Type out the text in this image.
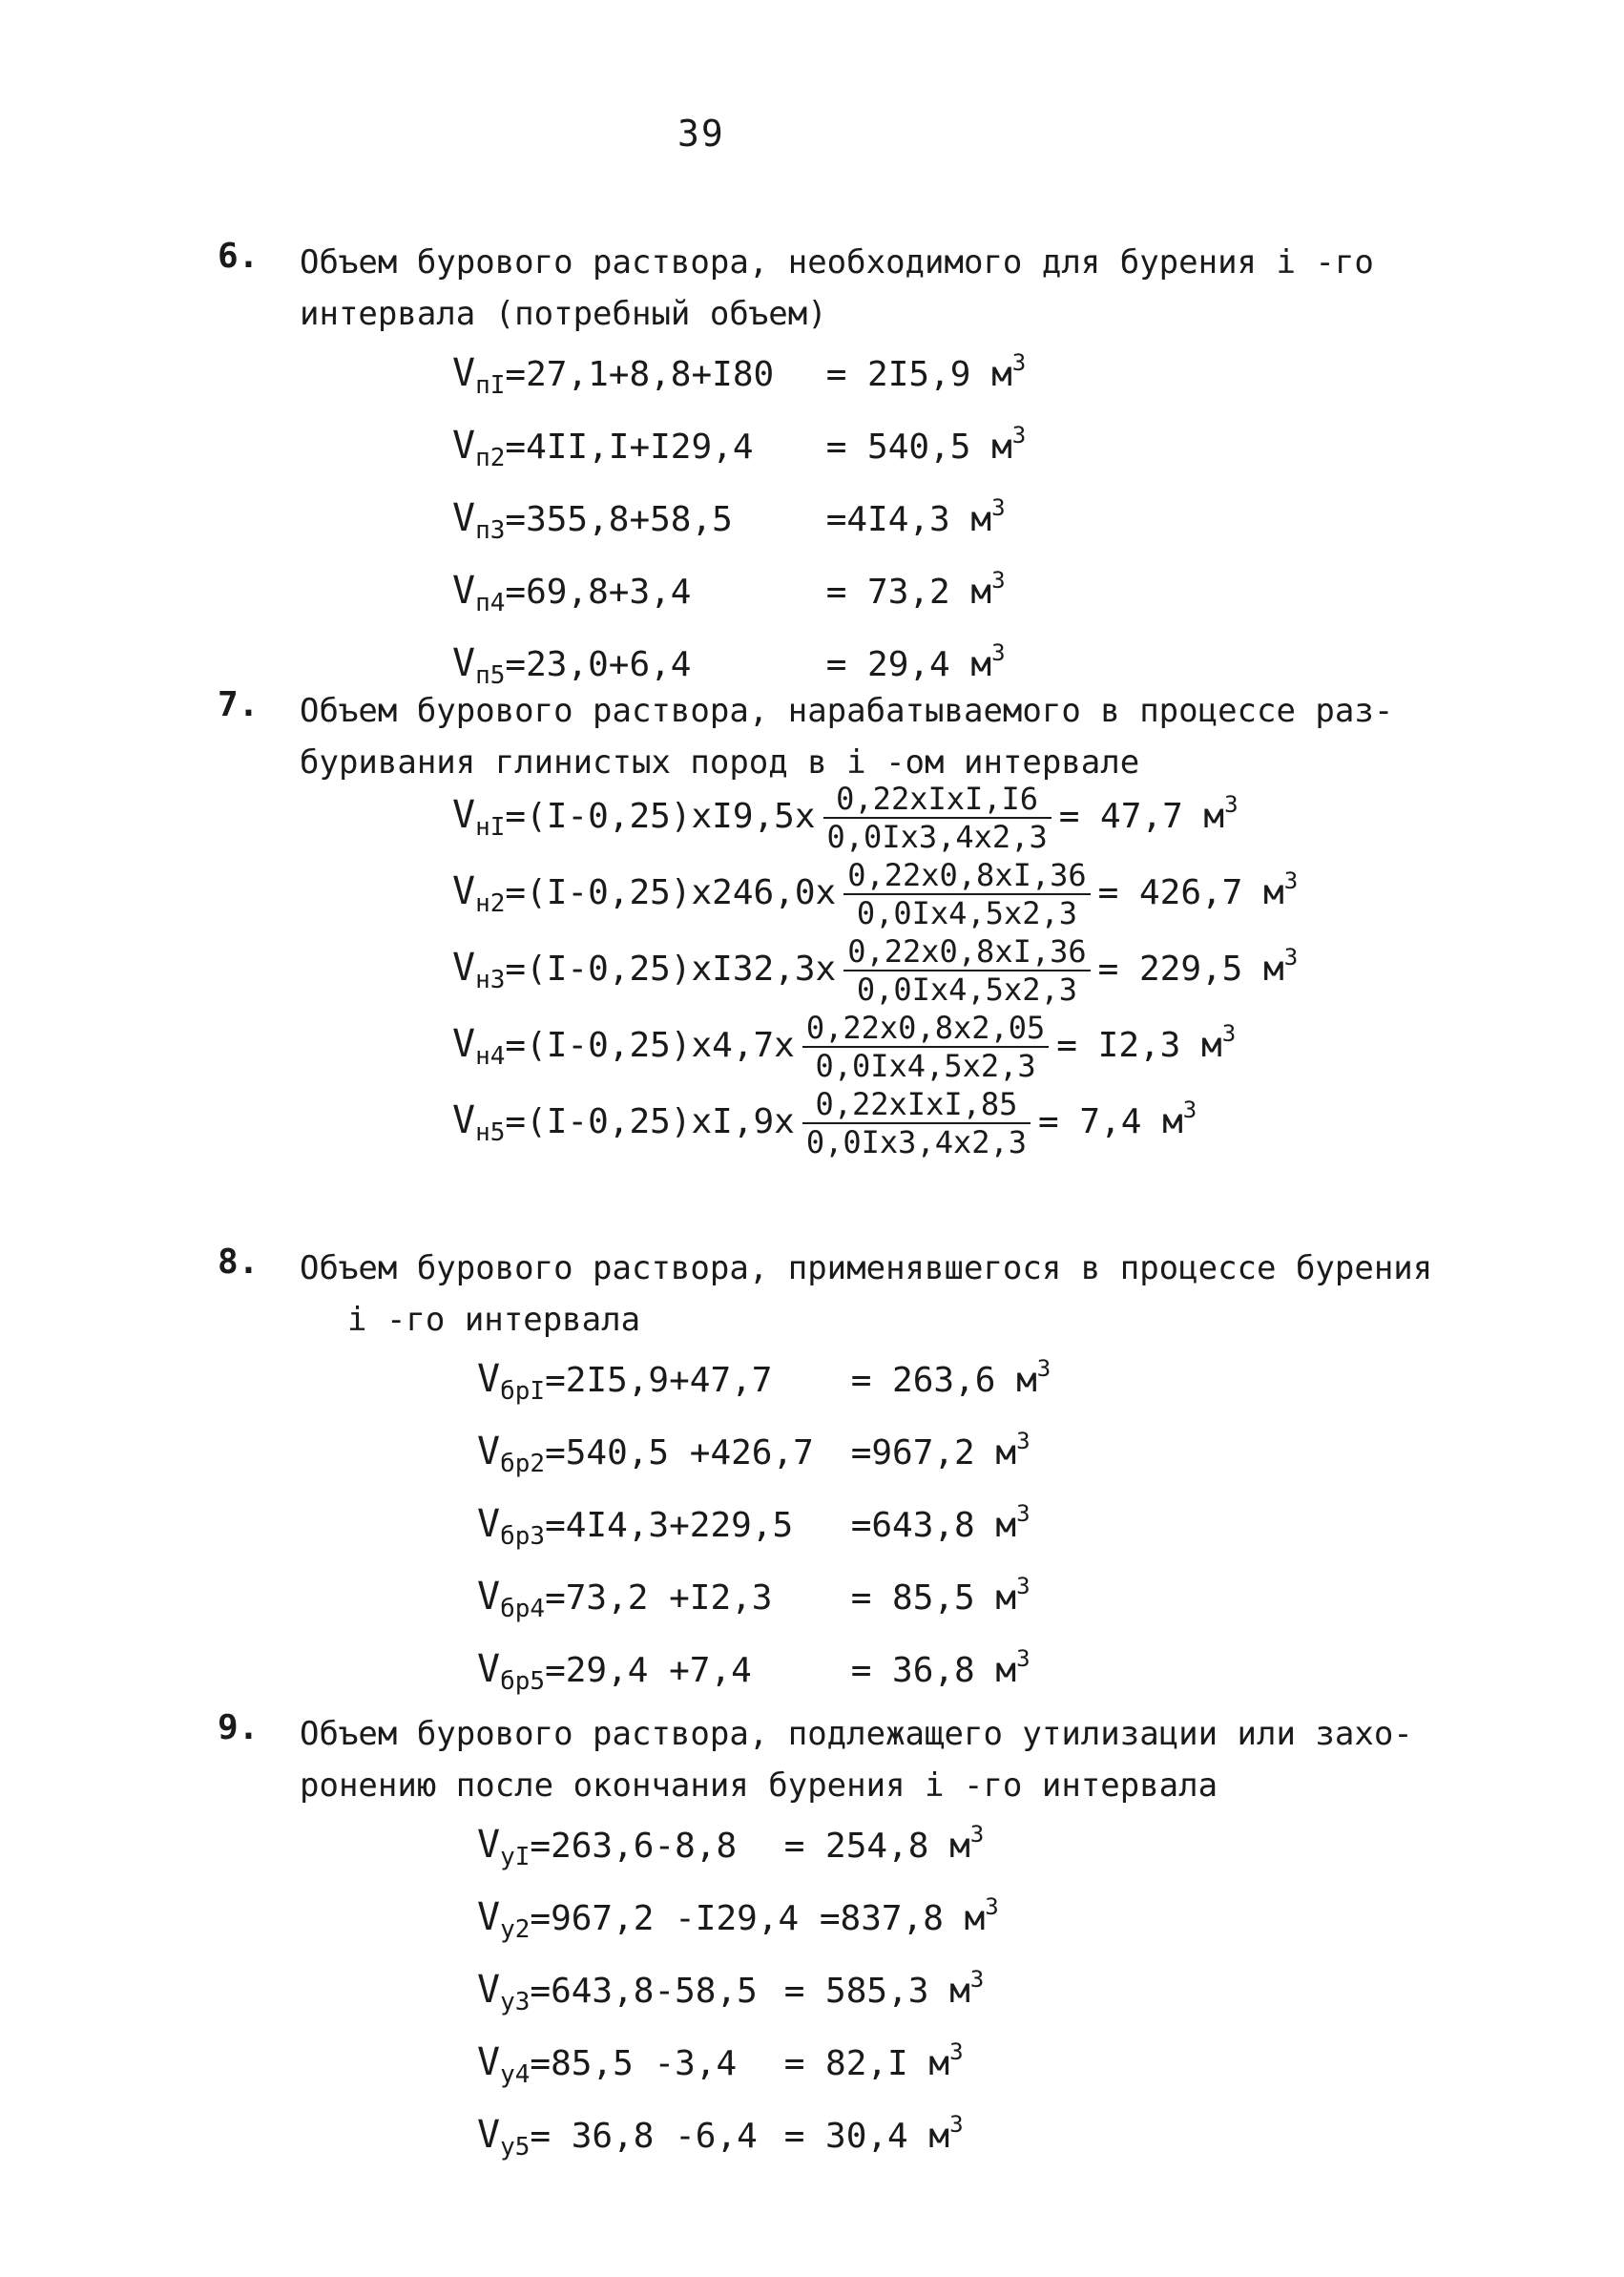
39
6. Объем бурового раствора, необходимого для бурения i -го
интервала (потребный объем)
$V_{пI}=27,1+8,8+I80 = 2I5,9$ $м^3$
$V_{п2}=4II,I+I29,4 = 540,5$ $м^3$
$V_{п3}=355,8+58,5$	=4I4,3 $м^3$
$V_{п4}=69,8+3,4$	= 73,2 $м^3$
$V_{п5}=23,0+6,4$	= 29,4 $м^3$
7. Объем бурового раствора, нарабатываемого в процессе раз-
буривания глинистых пород в i -ом интервале
$V_{нI}=(I-0,25)xI9,5x \frac{\text{0,22xIxI,I6}}{0,0Ix3,4x2,3} = 47,7$ $м^3$
$V_{н2}=(I-0,25)x246,0x \frac{0,22x0,8xI,36}{0,0Ix4,5x2,3} = 426,7$ $м^3$
$V_{н3}=(I-0,25)xI32,3x \frac{0,22x0,8xI,36}{0,0Ix4,5x2,3} = 229,5$ $м^3$
$V_{н4}=(I-0,25)x4,7x \frac{0,22x0,8x2,05}{0,0Ix4,5x2,3} = I2,3$ $м^3$
$V_{н5}=(I-0,25)xI,9x \frac{\text{0,22xIxI,85}}{0,0Ix3,4x2,3} = 7,4$ $м^3$
8. Объем бурового раствора, применявшегося в процессе бурения
i -го интервала
$V_{брI}=2I5,9+47,7 = 263,6$ $м^3$
$V_{бр2}=540,5 +426,7 =967,2$ $м^3$
$V_{бр3}=4I4,3+229,5 =643,8$ $м^3$
$V_{бр4}=73,2 +I2,3 = 85,5$ $м^3$
$V_{бр5}=29,4 +7,4$	= 36,8 $м^3$
9. Объем бурового раствора, подлежащего утилизации или захо-
ронению после окончания бурения i -го интервала
$V_{уI}=263,6-8,8 = 254,8$ $м^3$
$V_{у2}=967,2$ -I29,4 =837,8 $м^3$
$V_{у3}=643,8-58,5 = 585,3$ $м^3$
$V_{у4}=85,5$ -3,4 = 82,I $м^3$
$V_{у5}= 36,8$ -6,4 = 30,4 $м^3$
